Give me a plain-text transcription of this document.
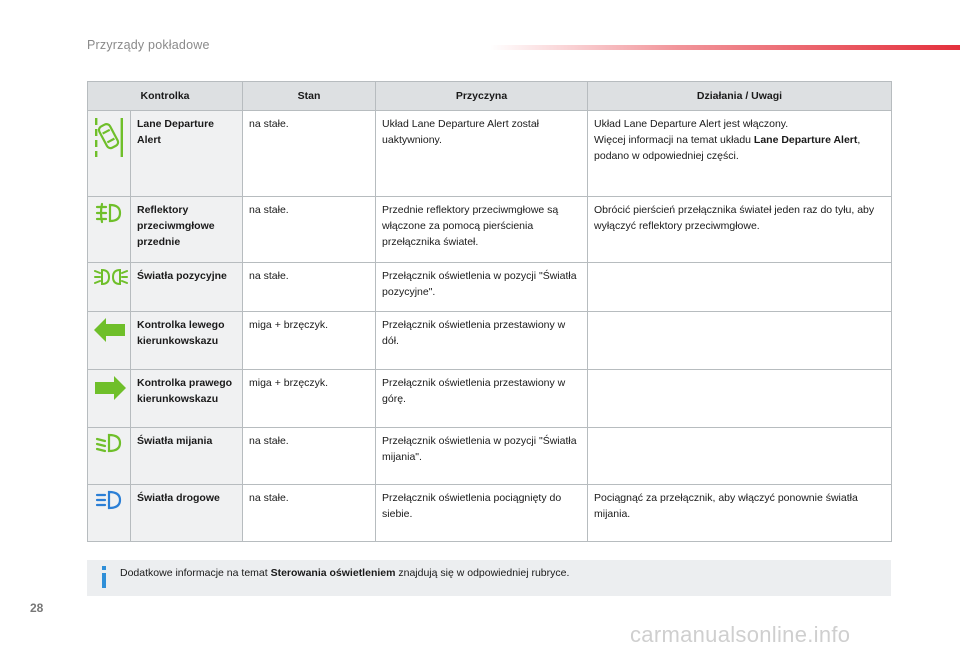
Przyrządy pokładowe
Kontrolka		Stan	Przyczyna	Działania / Uwagi

	Lane Departure Alert	na stałe.	Układ Lane Departure Alert został uaktywniony.	Układ Lane Departure Alert jest włączony.
Więcej informacji na temat układu Lane Departure Alert, podano w odpowiedniej części.

	Reflektory przeciwmgłowe przednie	na stałe.	Przednie reflektory przeciwmgłowe są włączone za pomocą pierścienia przełącznika świateł.	Obrócić pierścień przełącznika świateł jeden raz do tyłu, aby wyłączyć reflektory przeciwmgłowe.

	Światła pozycyjne	na stałe.	Przełącznik oświetlenia w pozycji "Światła pozycyjne".	

	Kontrolka lewego kierunkowskazu	miga + brzęczyk.	Przełącznik oświetlenia przestawiony w dół.	

	Kontrolka prawego kierunkowskazu	miga + brzęczyk.	Przełącznik oświetlenia przestawiony w górę.	

	Światła mijania	na stałe.	Przełącznik oświetlenia w pozycji "Światła mijania".	

	Światła drogowe	na stałe.	Przełącznik oświetlenia pociągnięty do siebie.	Pociągnąć za przełącznik, aby włączyć ponownie światła mijania.
Dodatkowe informacje na temat Sterowania oświetleniem znajdują się w odpowiedniej rubryce.
28
carmanualsonline.info
